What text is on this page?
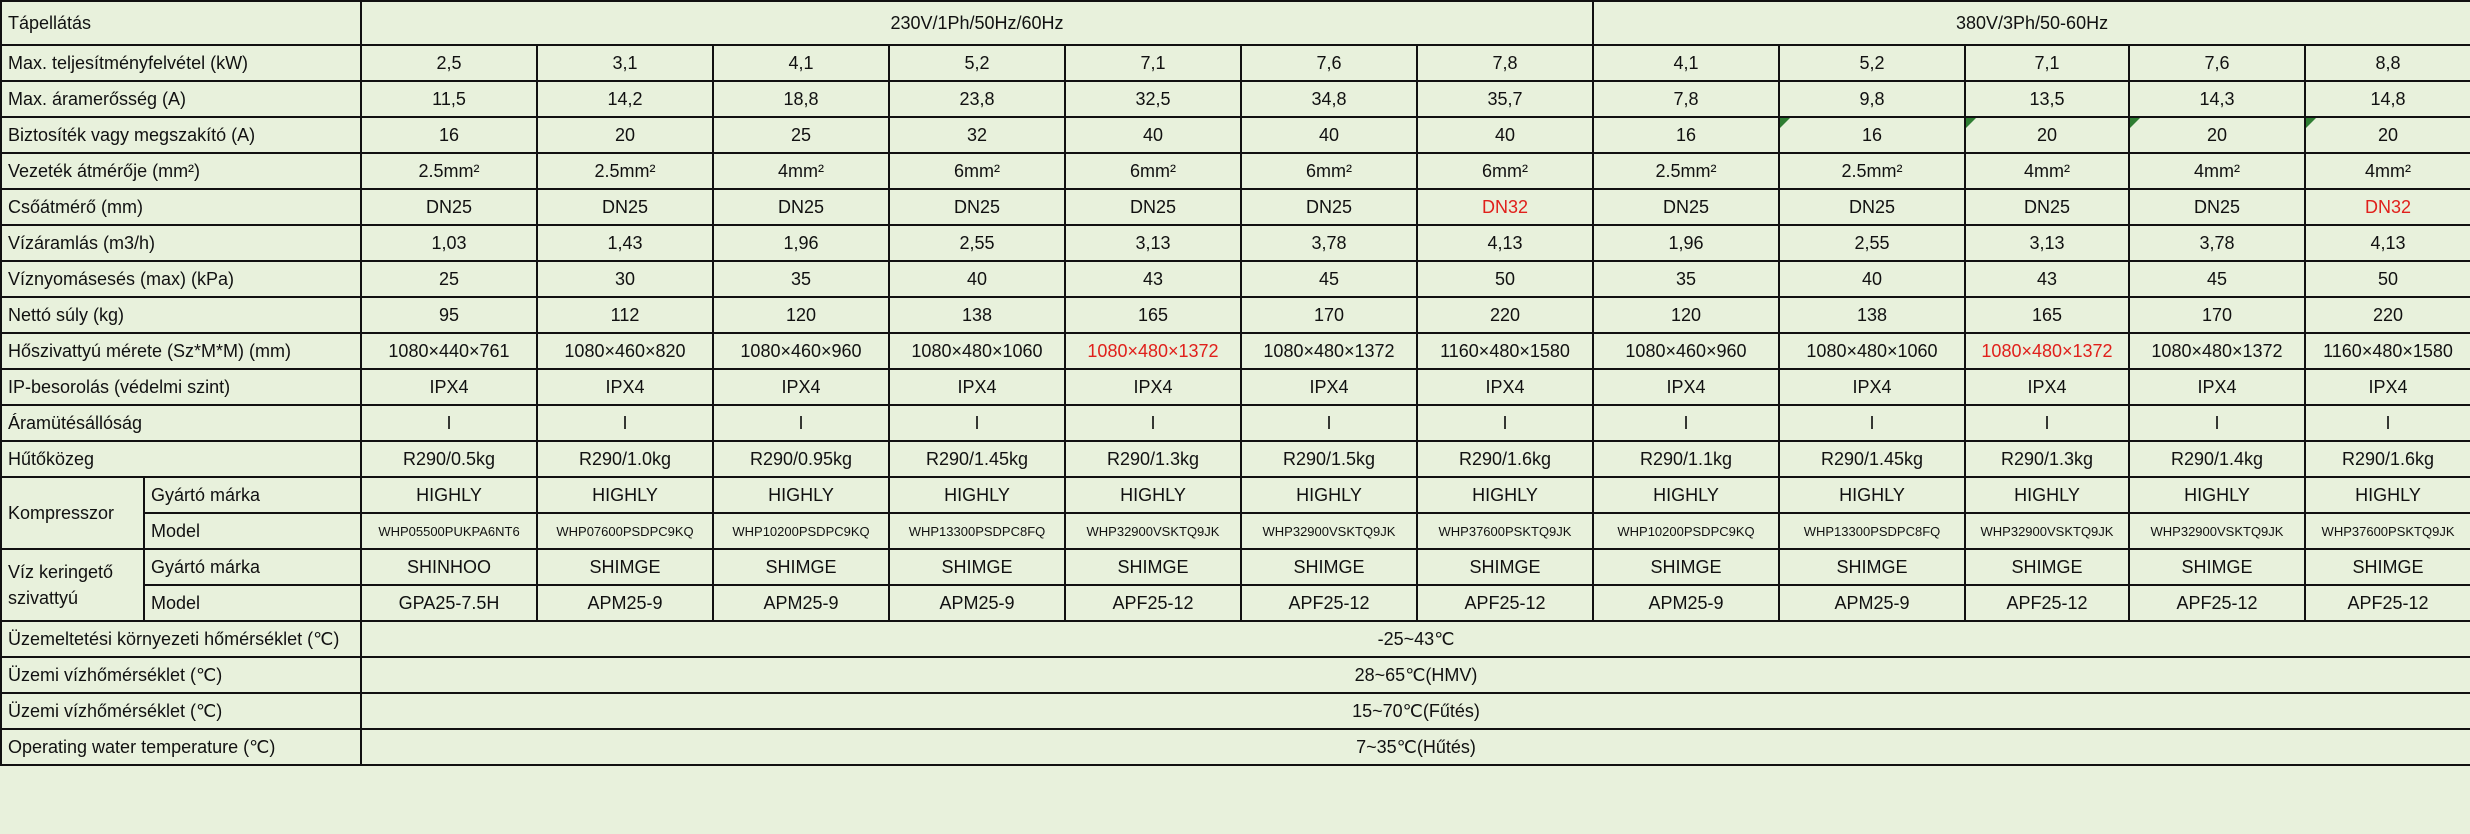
Tápellátás		230V/1Ph/50Hz/60Hz							380V/3Ph/50-60Hz				
Max. teljesítményfelvétel (kW)		2,5	3,1	4,1	5,2	7,1	7,6	7,8	4,1	5,2	7,1	7,6	8,8
Max. áramerősség (A)		11,5	14,2	18,8	23,8	32,5	34,8	35,7	7,8	9,8	13,5	14,3	14,8
Biztosíték vagy megszakító (A)		16	20	25	32	40	40	40	16	16	20	20	20
Vezeték átmérője (mm²)		2.5mm²	2.5mm²	4mm²	6mm²	6mm²	6mm²	6mm²	2.5mm²	2.5mm²	4mm²	4mm²	4mm²
Csőátmérő (mm)		DN25	DN25	DN25	DN25	DN25	DN25	DN32	DN25	DN25	DN25	DN25	DN32
Vízáramlás (m3/h)		1,03	1,43	1,96	2,55	3,13	3,78	4,13	1,96	2,55	3,13	3,78	4,13
Víznyomásesés (max) (kPa)		25	30	35	40	43	45	50	35	40	43	45	50
Nettó súly (kg)		95	112	120	138	165	170	220	120	138	165	170	220
Hőszivattyú mérete (Sz*M*M) (mm)		1080×440×761	1080×460×820	1080×460×960	1080×480×1060	1080×480×1372	1080×480×1372	1160×480×1580	1080×460×960	1080×480×1060	1080×480×1372	1080×480×1372	1160×480×1580
IP-besorolás (védelmi szint)		IPX4	IPX4	IPX4	IPX4	IPX4	IPX4	IPX4	IPX4	IPX4	IPX4	IPX4	IPX4
Áramütésállóság		I	I	I	I	I	I	I	I	I	I	I	I
Hűtőközeg		R290/0.5kg	R290/1.0kg	R290/0.95kg	R290/1.45kg	R290/1.3kg	R290/1.5kg	R290/1.6kg	R290/1.1kg	R290/1.45kg	R290/1.3kg	R290/1.4kg	R290/1.6kg
Kompresszor	Gyártó márka	HIGHLY	HIGHLY	HIGHLY	HIGHLY	HIGHLY	HIGHLY	HIGHLY	HIGHLY	HIGHLY	HIGHLY	HIGHLY	HIGHLY
	Model	WHP05500PUKPA6NT6	WHP07600PSDPC9KQ	WHP10200PSDPC9KQ	WHP13300PSDPC8FQ	WHP32900VSKTQ9JK	WHP32900VSKTQ9JK	WHP37600PSKTQ9JK	WHP10200PSDPC9KQ	WHP13300PSDPC8FQ	WHP32900VSKTQ9JK	WHP32900VSKTQ9JK	WHP37600PSKTQ9JK
Víz keringető szivattyú	Gyártó márka	SHINHOO	SHIMGE	SHIMGE	SHIMGE	SHIMGE	SHIMGE	SHIMGE	SHIMGE	SHIMGE	SHIMGE	SHIMGE	SHIMGE
	Model	GPA25-7.5H	APM25-9	APM25-9	APM25-9	APF25-12	APF25-12	APF25-12	APM25-9	APM25-9	APF25-12	APF25-12	APF25-12
Üzemeltetési környezeti hőmérséklet (℃)		-25~43℃											
Üzemi vízhőmérséklet (℃)		28~65℃(HMV)											
Üzemi vízhőmérséklet (℃)		15~70℃(Fűtés)											
Operating water temperature (℃)		7~35℃(Hűtés)											
